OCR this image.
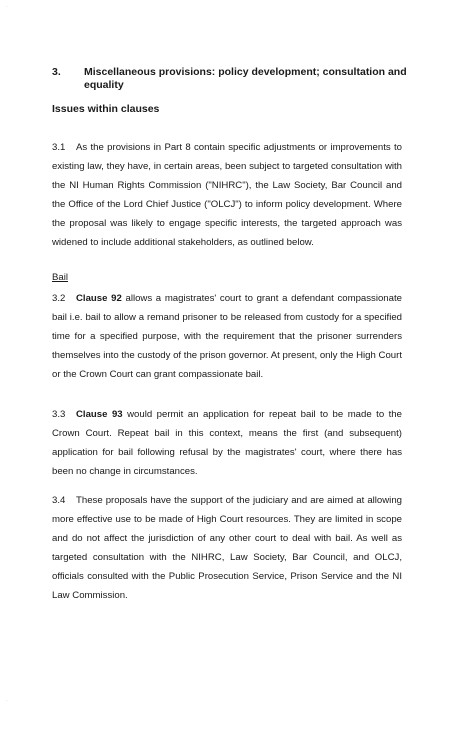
3. Miscellaneous provisions: policy development; consultation and equality
Issues within clauses

3.1 As the provisions in Part 8 contain specific adjustments or improvements to existing law, they have, in certain areas, been subject to targeted consultation with the NI Human Rights Commission ("NIHRC"), the Law Society, Bar Council and the Office of the Lord Chief Justice ("OLCJ") to inform policy development. Where the proposal was likely to engage specific interests, the targeted approach was widened to include additional stakeholders, as outlined below.

Bail

3.2 Clause 92 allows a magistrates' court to grant a defendant compassionate bail i.e. bail to allow a remand prisoner to be released from custody for a specified time for a specified purpose, with the requirement that the prisoner surrenders themselves into the custody of the prison governor. At present, only the High Court or the Crown Court can grant compassionate bail.

3.3 Clause 93 would permit an application for repeat bail to be made to the Crown Court. Repeat bail in this context, means the first (and subsequent) application for bail following refusal by the magistrates' court, where there has been no change in circumstances.

3.4 These proposals have the support of the judiciary and are aimed at allowing more effective use to be made of High Court resources. They are limited in scope and do not affect the jurisdiction of any other court to deal with bail. As well as targeted consultation with the NIHRC, Law Society, Bar Council, and OLCJ, officials consulted with the Public Prosecution Service, Prison Service and the NI Law Commission.

·
·
